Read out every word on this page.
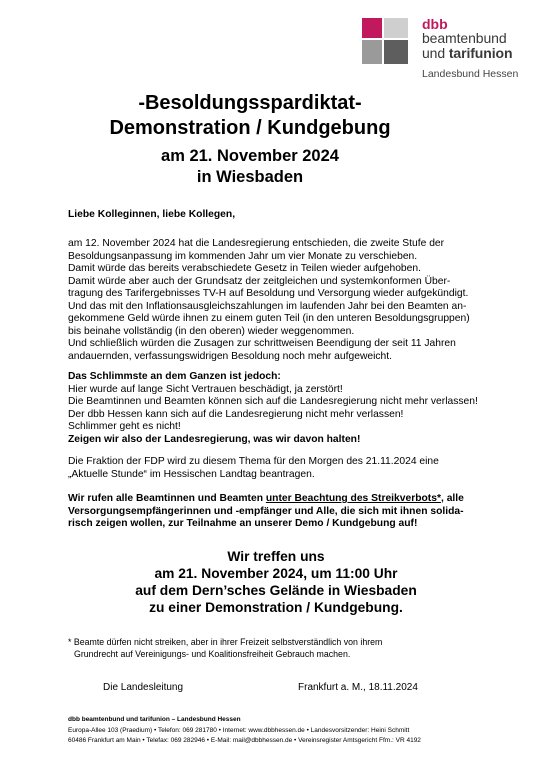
dbb
beamtenbund
und tarifunion
Landesbund Hessen
-Besoldungsspardiktat-
Demonstration / Kundgebung
am 21. November 2024
in Wiesbaden
Liebe Kolleginnen, liebe Kollegen,
am 12. November 2024 hat die Landesregierung entschieden, die zweite Stufe der
Besoldungsanpassung im kommenden Jahr um vier Monate zu verschieben.
Damit würde das bereits verabschiedete Gesetz in Teilen wieder aufgehoben.
Damit würde aber auch der Grundsatz der zeitgleichen und systemkonformen Über-
tragung des Tarifergebnisses TV-H auf Besoldung und Versorgung wieder aufgekündigt.
Und das mit den Inflationsausgleichszahlungen im laufenden Jahr bei den Beamten an-
gekommene Geld würde ihnen zu einem guten Teil (in den unteren Besoldungsgruppen)
bis beinahe vollständig (in den oberen) wieder weggenommen.
Und schließlich würden die Zusagen zur schrittweisen Beendigung der seit 11 Jahren
andauernden, verfassungswidrigen Besoldung noch mehr aufgeweicht.
Das Schlimmste an dem Ganzen ist jedoch:
Hier wurde auf lange Sicht Vertrauen beschädigt, ja zerstört!
Die Beamtinnen und Beamten können sich auf die Landesregierung nicht mehr verlassen!
Der dbb Hessen kann sich auf die Landesregierung nicht mehr verlassen!
Schlimmer geht es nicht!
Zeigen wir also der Landesregierung, was wir davon halten!
Die Fraktion der FDP wird zu diesem Thema für den Morgen des 21.11.2024 eine
„Aktuelle Stunde“ im Hessischen Landtag beantragen.
Wir rufen alle Beamtinnen und Beamten unter Beachtung des Streikverbots*, alle
Versorgungsempfängerinnen und -empfänger und Alle, die sich mit ihnen solida-
risch zeigen wollen, zur Teilnahme an unserer Demo / Kundgebung auf!
Wir treffen uns
am 21. November 2024, um 11:00 Uhr
auf dem Dern’sches Gelände in Wiesbaden
zu einer Demonstration / Kundgebung.
* Beamte dürfen nicht streiken, aber in ihrer Freizeit selbstverständlich von ihrem
Grundrecht auf Vereinigungs- und Koalitionsfreiheit Gebrauch machen.
Die Landesleitung	Frankfurt a. M., 18.11.2024
dbb beamtenbund und tarifunion – Landesbund Hessen
Europa-Allee 103 (Praedium) • Telefon: 069 281780 • Internet: www.dbbhessen.de • Landesvorsitzender: Heini Schmitt
60486 Frankfurt am Main • Telefax: 069 282946 • E-Mail: mail@dbbhessen.de • Vereinsregister Amtsgericht Ffm.: VR 4192
